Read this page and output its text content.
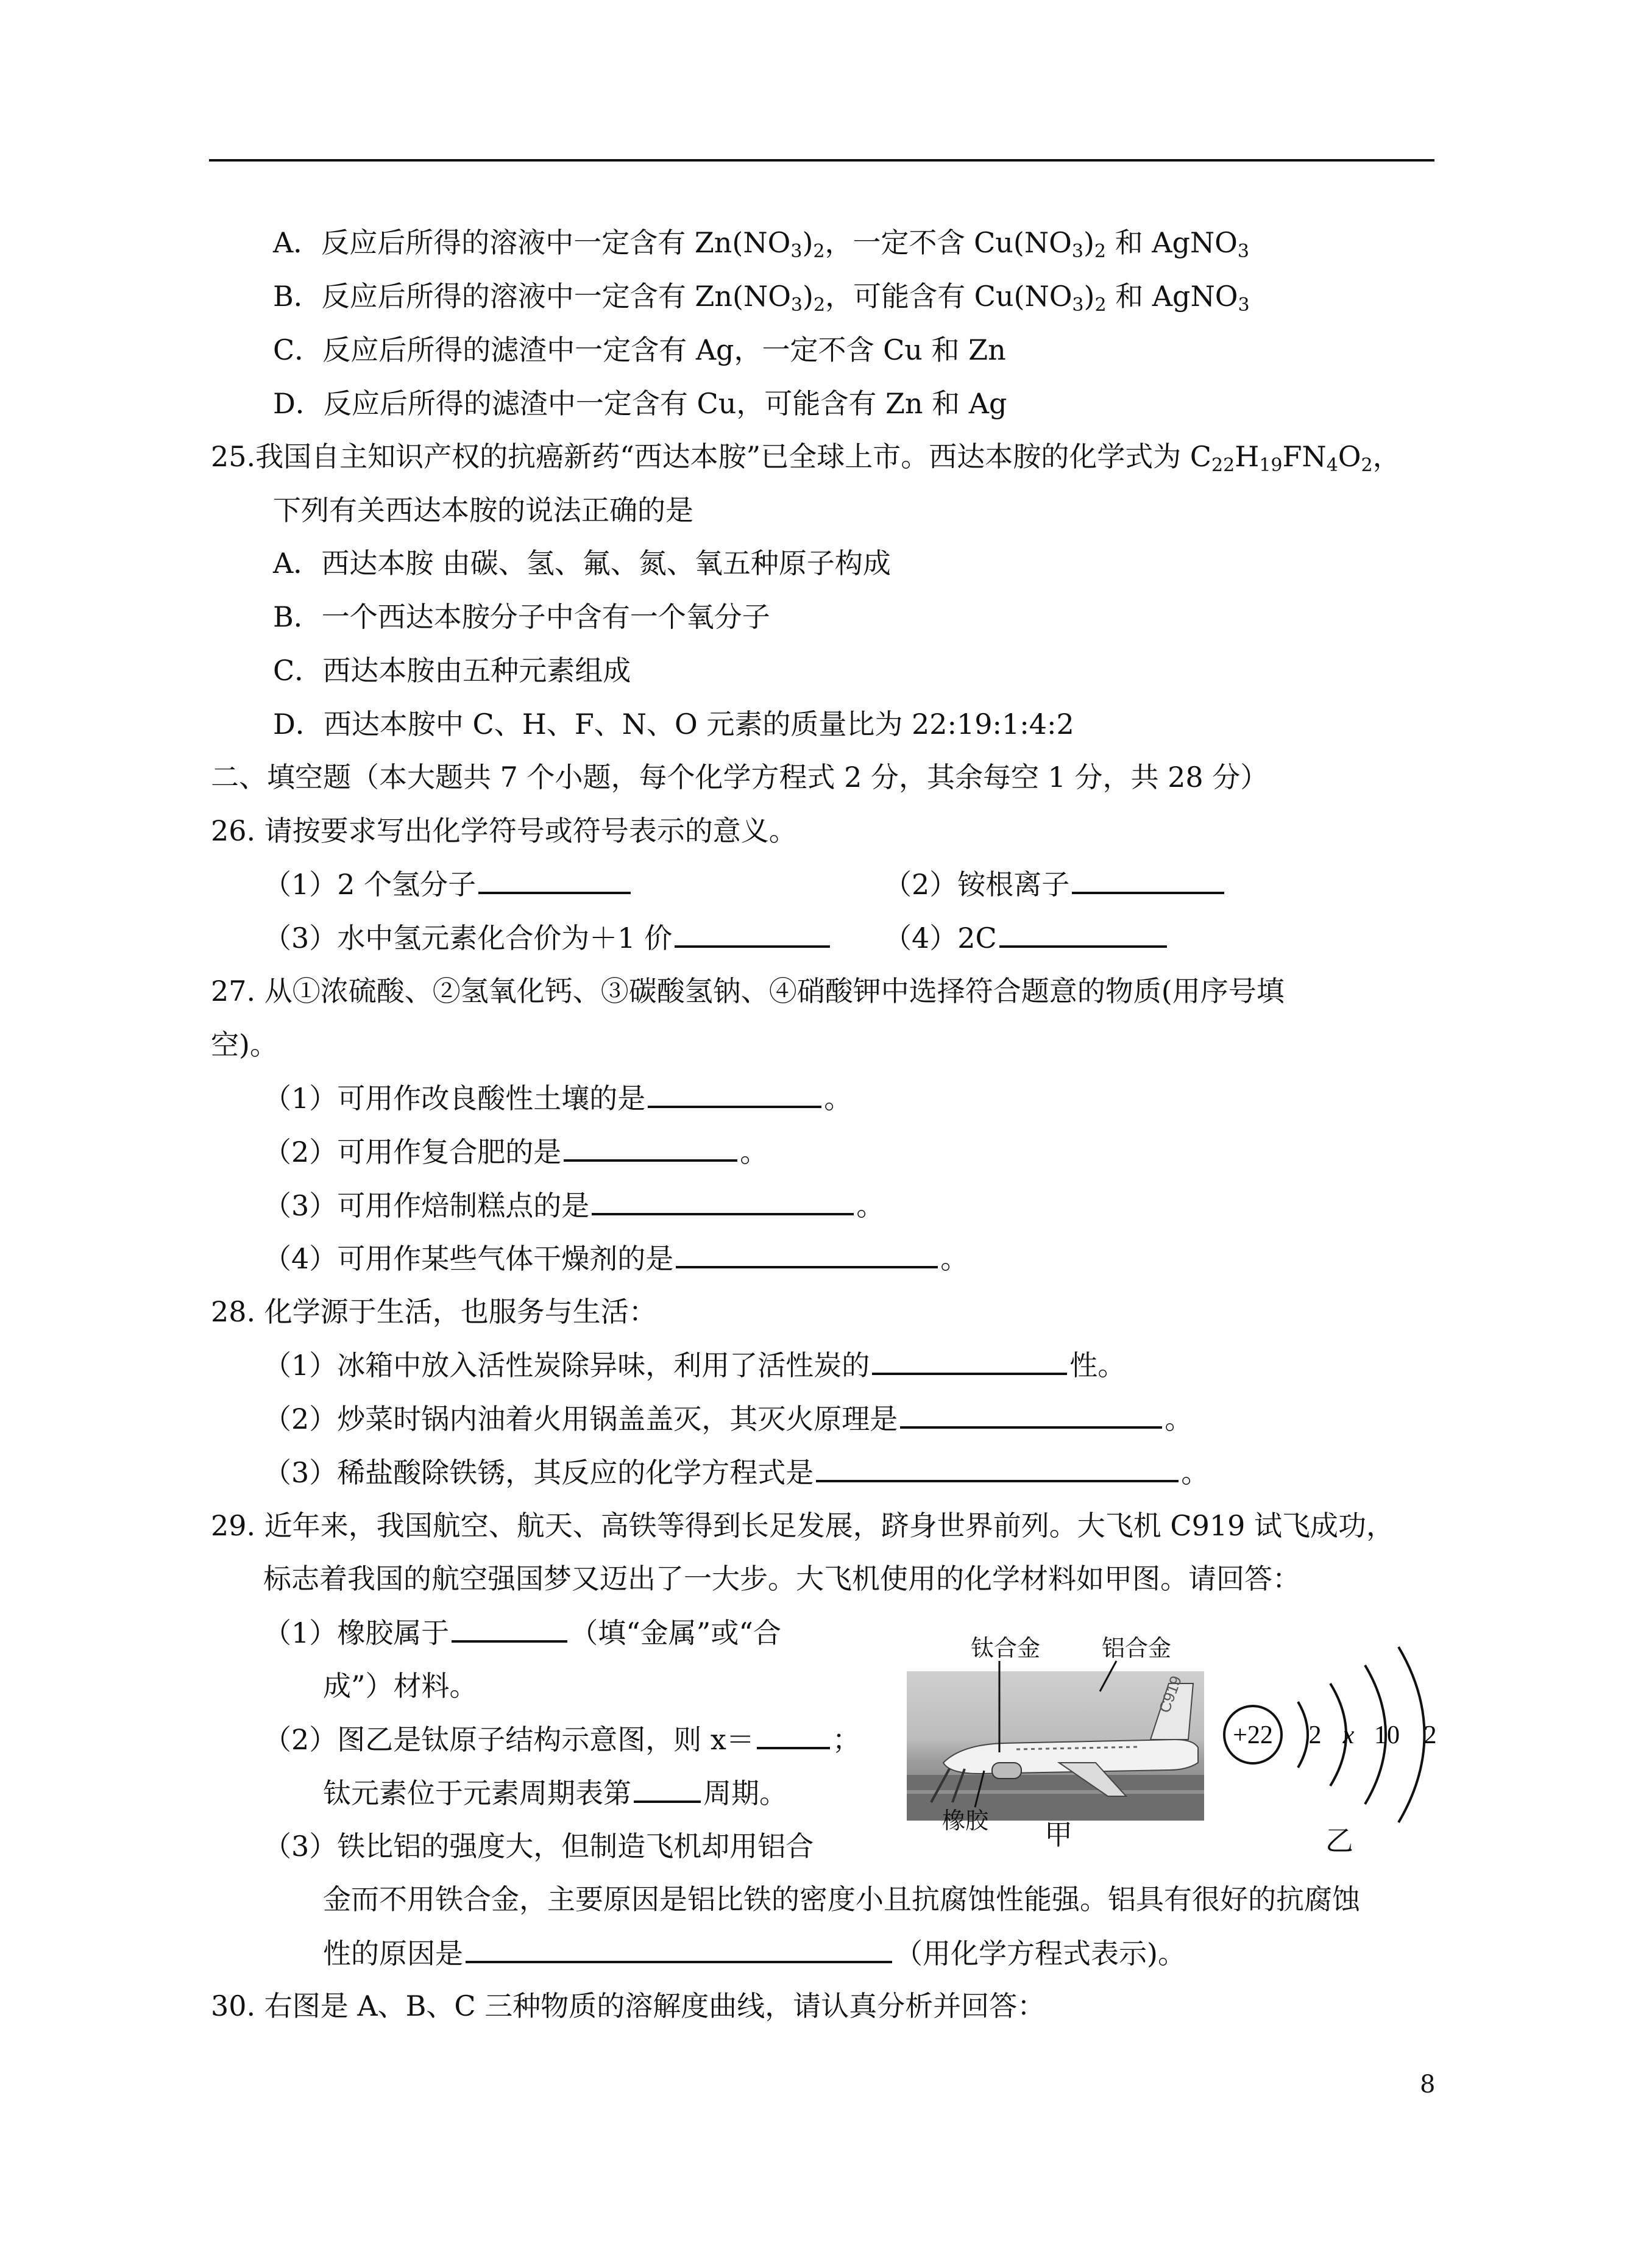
A．反应后所得的溶液中一定含有 $Zn(NO_3)_2$，一定不含 $Cu(NO_3)_2$ 和 AgNO$_3$
B．反应后所得的溶液中一定含有 $Zn(NO_3)_2$，可能含有 $Cu(NO_3)_2$ 和 AgNO$_3$
C．反应后所得的滤渣中一定含有 Ag，一定不含 Cu 和 Zn
D．反应后所得的滤渣中一定含有 Cu，可能含有 Zn 和 Ag
25.我国自主知识产权的抗癌新药“西达本胺”已全球上市。西达本胺的化学式为 $C_{22}H_{19}FN_4O_2$，
下列有关西达本胺的说法正确的是
A．西达本胺 由碳、氢、氟、氮、氧五种原子构成
B．一个西达本胺分子中含有一个氧分子
C．西达本胺由五种元素组成
D．西达本胺中 C、H、F、N、O 元素的质量比为 22:19:1:4:2
二、填空题（本大题共 7 个小题，每个化学方程式 2 分，其余每空 1 分，共 28 分）
26. 请按要求写出化学符号或符号表示的意义。
（1）2 个氢分子	（2）铵根离子
（3）水中氢元素化合价为＋1 价	（4）2C
27. 从①浓硫酸、②氢氧化钙、③碳酸氢钠、④硝酸钾中选择符合题意的物质(用序号填
空)。
（1）可用作改良酸性土壤的是	。
（2）可用作复合肥的是	。
（3）可用作焙制糕点的是	。
（4）可用作某些气体干燥剂的是	。
28. 化学源于生活，也服务与生活：
（1）冰箱中放入活性炭除异味，利用了活性炭的	性。
（2）炒菜时锅内油着火用锅盖盖灭，其灭火原理是	。
（3）稀盐酸除铁锈，其反应的化学方程式是	。
29. 近年来，我国航空、航天、高铁等得到长足发展，跻身世界前列。大飞机 C919 试飞成功，
标志着我国的航空强国梦又迈出了一大步。大飞机使用的化学材料如甲图。请回答：
（1）橡胶属于	（填“金属”或“合
成”）材料。
（2）图乙是钛原子结构示意图，则 x＝	；
钛元素位于元素周期表第	周期。
（3）铁比铝的强度大，但制造飞机却用铝合
金而不用铁合金，主要原因是铝比铁的密度小且抗腐蚀性能强。铝具有很好的抗腐蚀
性的原因是	（用化学方程式表示)。
C919
钛合金	铝合金
橡胶 甲
+22 2 x 10 2
乙
30. 右图是 A、B、C 三种物质的溶解度曲线，请认真分析并回答：
8
